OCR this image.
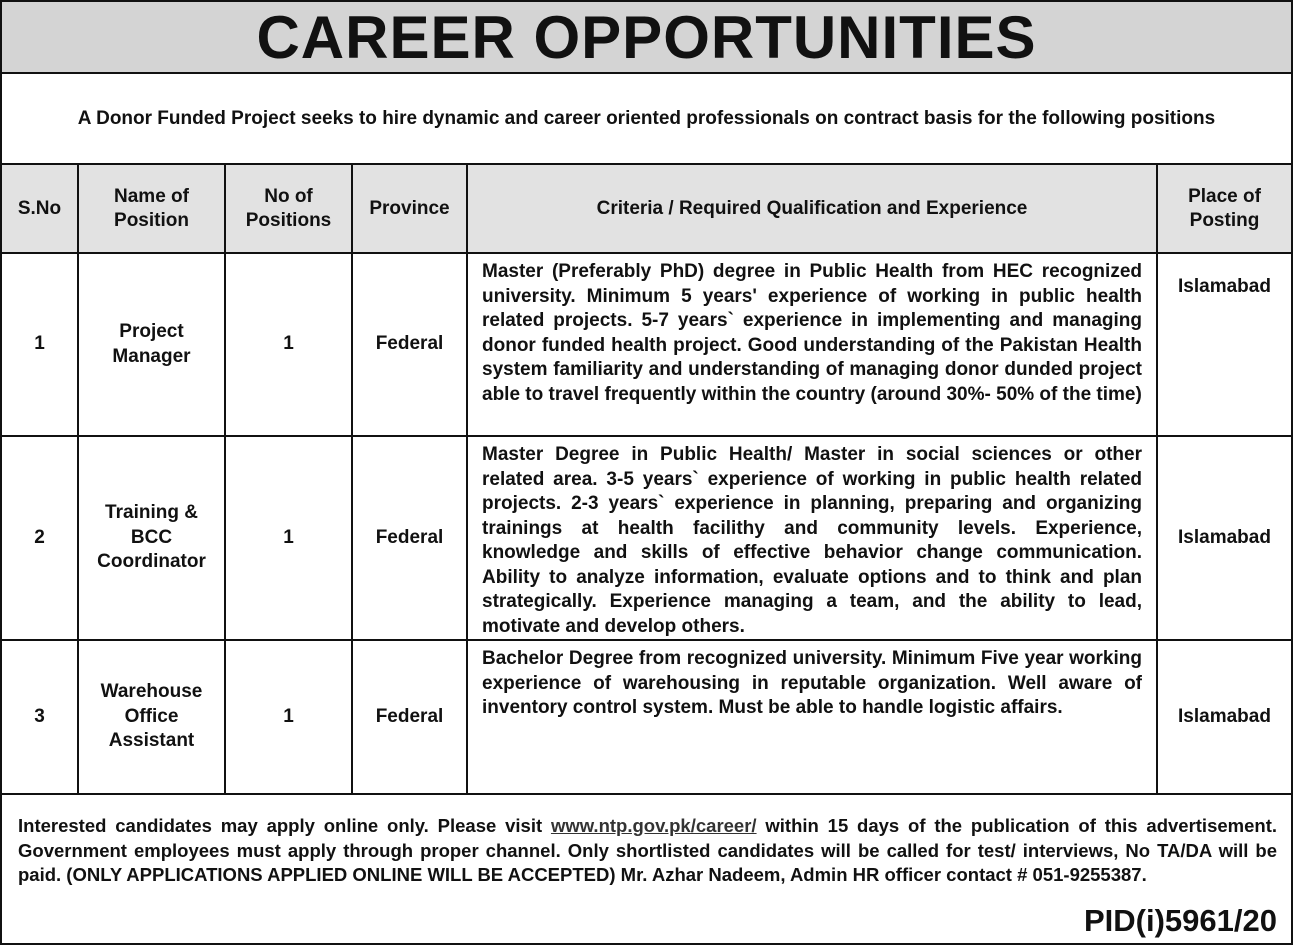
CAREER OPPORTUNITIES
A Donor Funded Project seeks to hire dynamic and career oriented professionals on contract basis for the following positions
S.No	Name of Position	No of Positions	Province	Criteria / Required Qualification and Experience	Place of Posting
1	Project Manager	1	Federal	Master (Preferably PhD) degree in Public Health from HEC recognized university. Minimum 5 years' experience of working in public health related projects. 5-7 years` experience in implementing and managing donor funded health project. Good understanding of the Pakistan Health system familiarity and understanding of managing donor dunded project able to travel frequently within the country (around 30%- 50% of the time)	Islamabad
2	Training & BCC Coordinator	1	Federal	Master Degree in Public Health/ Master in social sciences or other related area. 3-5 years` experience of working in public health related projects. 2-3 years` experience in planning, preparing and organizing trainings at health facilithy and community levels. Experience, knowledge and skills of effective behavior change communication. Ability to analyze information, evaluate options and to think and plan strategically. Experience managing a team, and the ability to lead, motivate and develop others.	Islamabad
3	Warehouse Office Assistant	1	Federal	Bachelor Degree from recognized university. Minimum Five year working experience of warehousing in reputable organization. Well aware of inventory control system. Must be able to handle logistic affairs.	Islamabad

Interested candidates may apply online only. Please visit www.ntp.gov.pk/career/ within 15 days of the publication of this advertisement. Government employees must apply through proper channel. Only shortlisted candidates will be called for test/ interviews, No TA/DA will be paid. (ONLY APPLICATIONS APPLIED ONLINE WILL BE ACCEPTED) Mr. Azhar Nadeem, Admin HR officer contact # 051-9255387.

PID(i)5961/20
